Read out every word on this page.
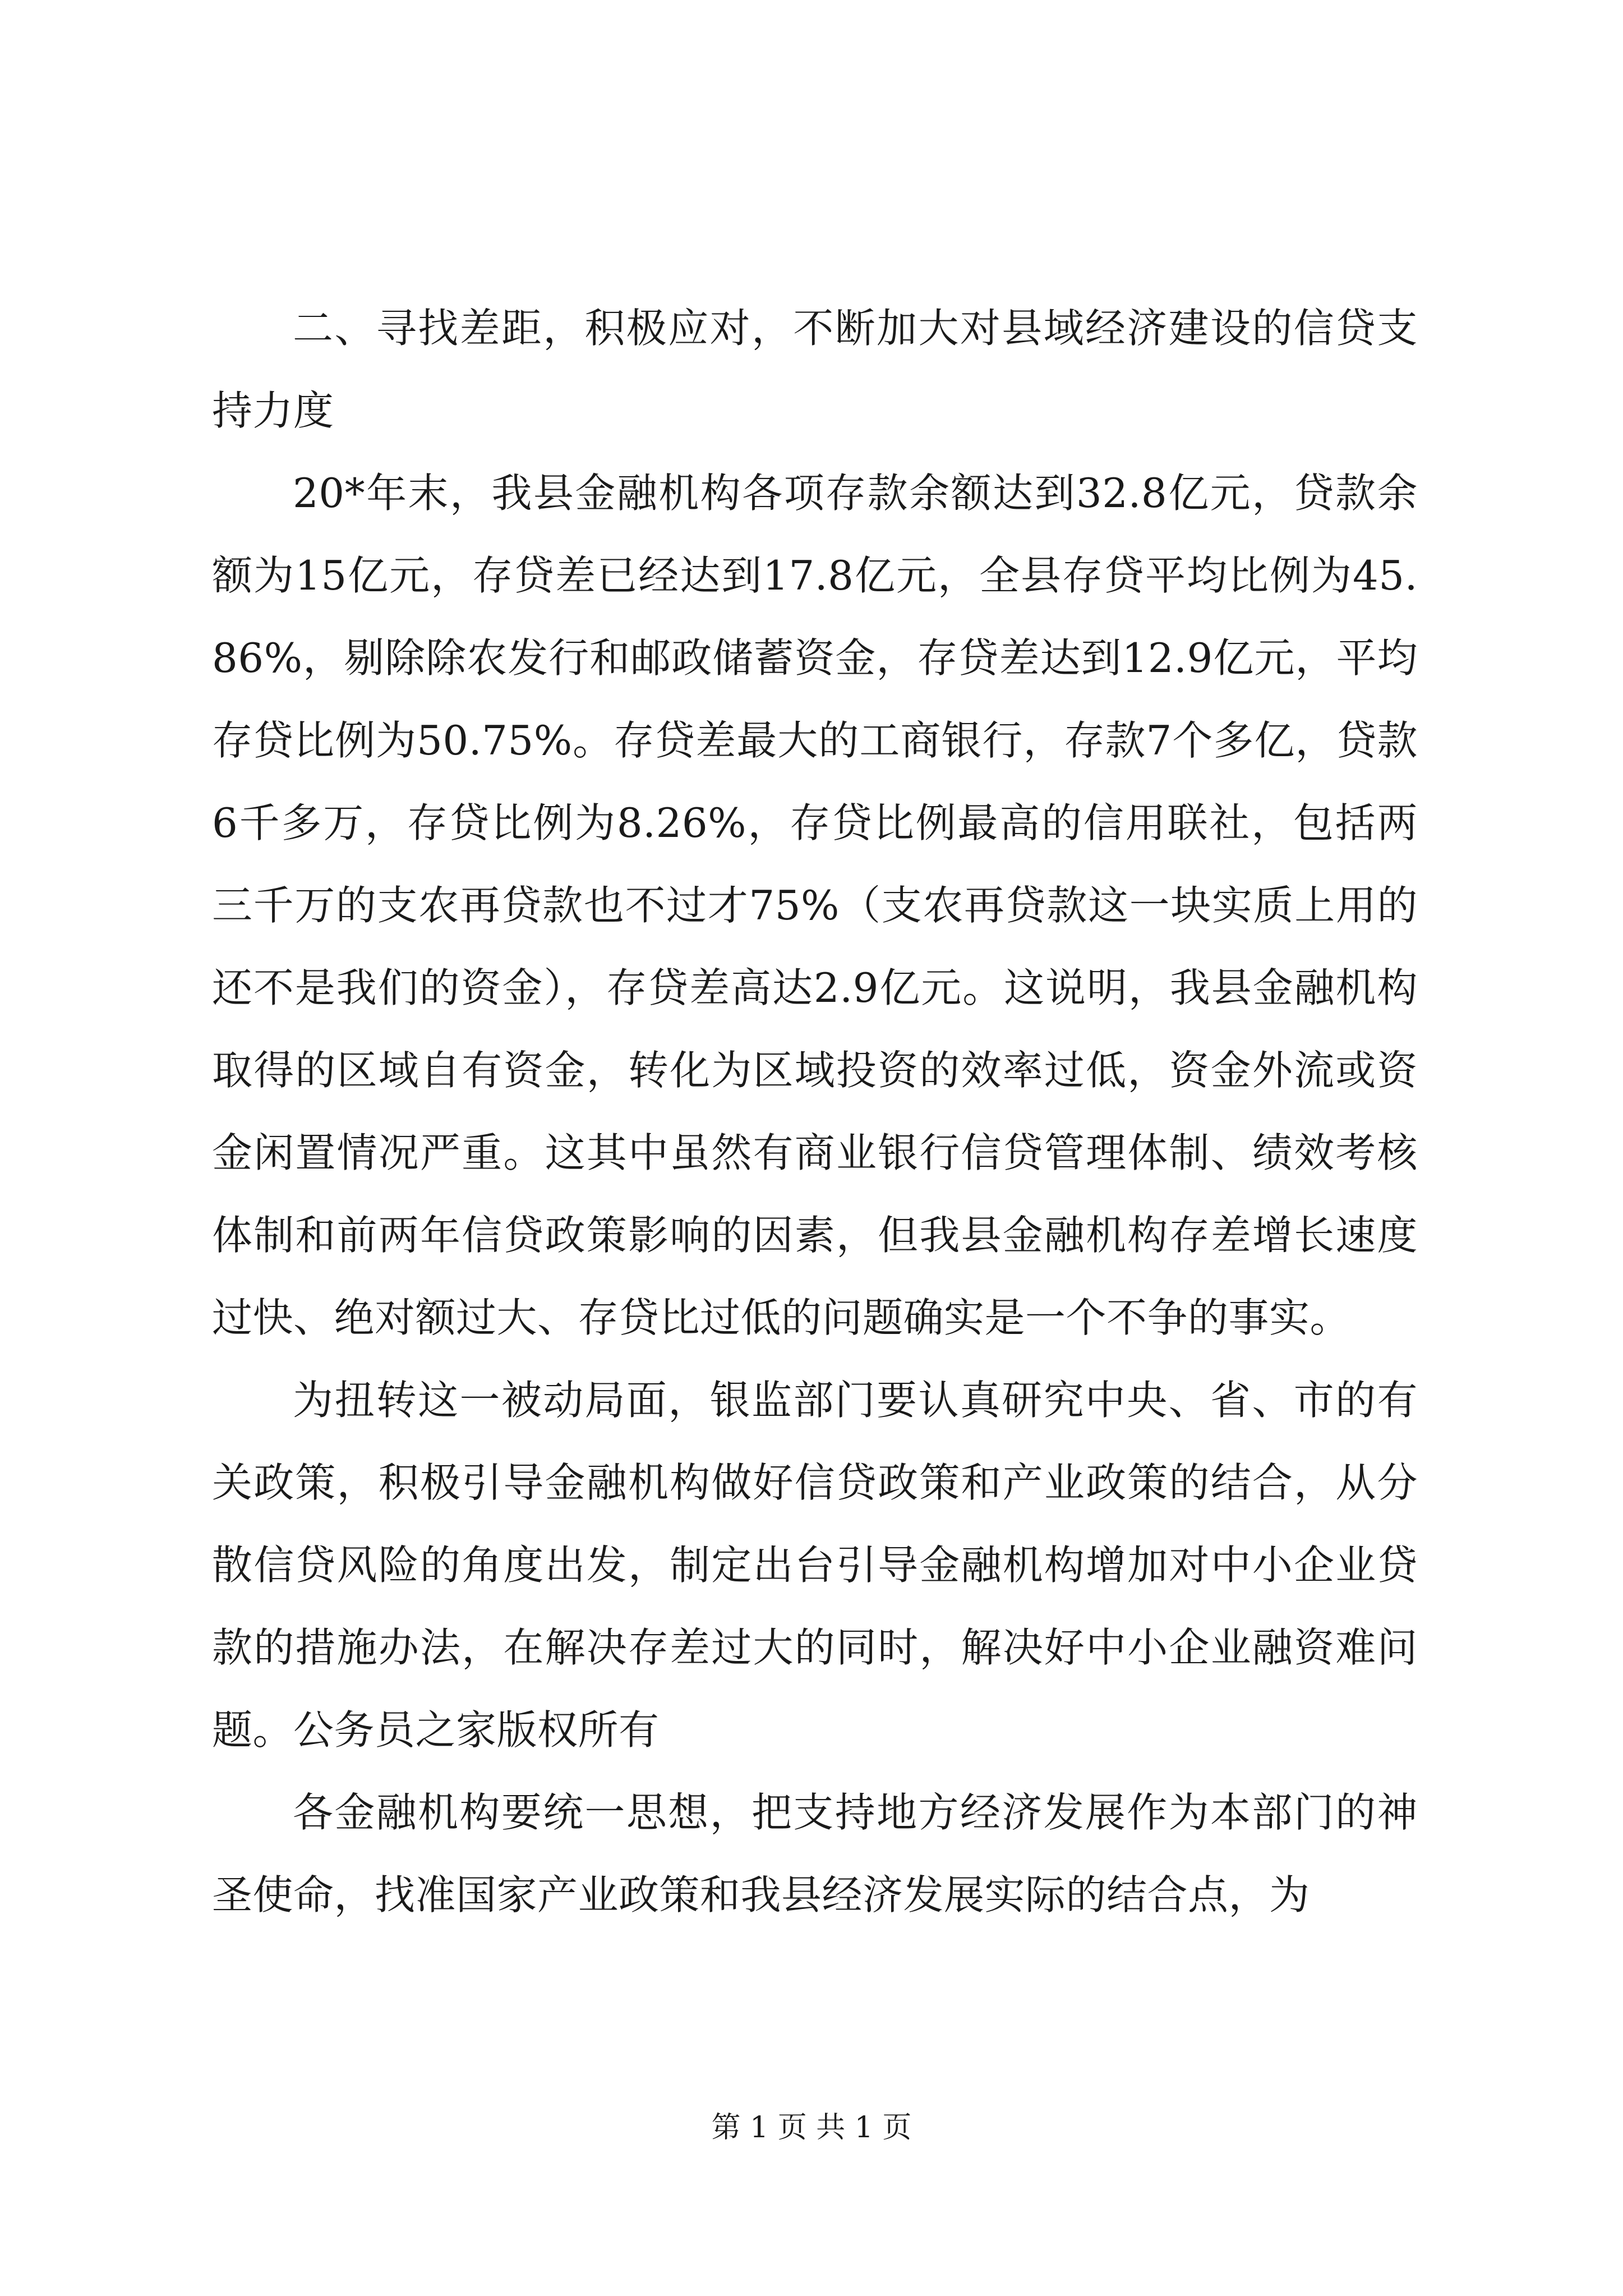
二、寻找差距，积极应对，不断加大对县域经济建设的信贷支持力度

20*年末，我县金融机构各项存款余额达到32.8亿元，贷款余额为15亿元，存贷差已经达到17.8亿元，全县存贷平均比例为45.86%，剔除除农发行和邮政储蓄资金，存贷差达到12.9亿元，平均存贷比例为50.75%。存贷差最大的工商银行，存款7个多亿，贷款6千多万，存贷比例为8.26%，存贷比例最高的信用联社，包括两三千万的支农再贷款也不过才75%（支农再贷款这一块实质上用的还不是我们的资金），存贷差高达2.9亿元。这说明，我县金融机构取得的区域自有资金，转化为区域投资的效率过低，资金外流或资金闲置情况严重。这其中虽然有商业银行信贷管理体制、绩效考核体制和前两年信贷政策影响的因素，但我县金融机构存差增长速度过快、绝对额过大、存贷比过低的问题确实是一个不争的事实。

为扭转这一被动局面，银监部门要认真研究中央、省、市的有关政策，积极引导金融机构做好信贷政策和产业政策的结合，从分散信贷风险的角度出发，制定出台引导金融机构增加对中小企业贷款的措施办法，在解决存差过大的同时，解决好中小企业融资难问题。公务员之家版权所有

各金融机构要统一思想，把支持地方经济发展作为本部门的神圣使命，找准国家产业政策和我县经济发展实际的结合点，为

第 1 页 共 1 页
